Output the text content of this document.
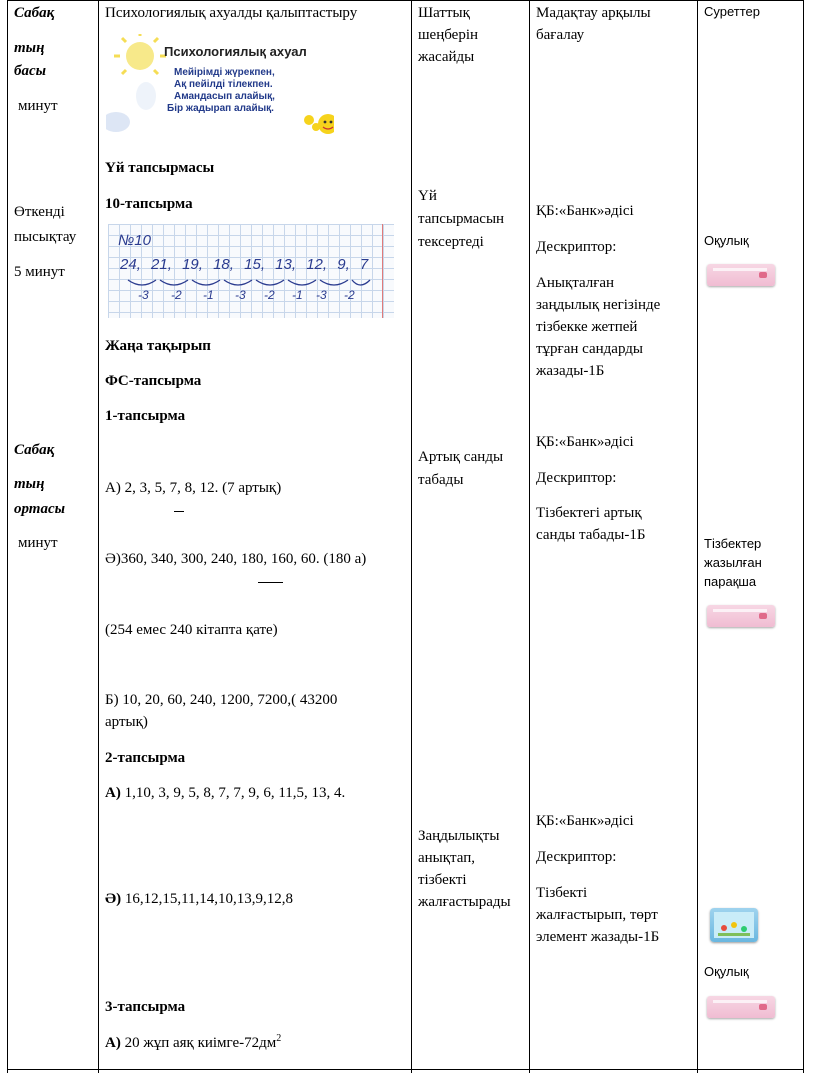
Сабақ
тың
басы
минут
Өткенді
пысықтау
5 минут
Сабақ
тың
ортасы
минут
Психологиялық ахуалды қалыптастыру
Психологиялық ахуал
Мейірімді жүрекпен,
Ақ пейілді тілекпен.
Амандасып алайық,
Бір жадырап алайық.
Үй тапсырмасы
10-тапсырма
№10
24, 21, 19, 18, 15, 13, 12, 9, 7
-3 -2 -1 -3 -2 -1 -3 -2
Жаңа тақырып
ФС-тапсырма
1-тапсырма
А) 2, 3, 5, 7, 8, 12. (7 артық)
Ә)360, 340, 300, 240, 180, 160, 60. (180 а)
(254 емес 240 кітапта қате)
Б) 10, 20, 60, 240, 1200, 7200,( 43200
артық)
2-тапсырма
А) 1,10, 3, 9, 5, 8, 7, 7, 9, 6, 11,5, 13, 4.
Ә) 16,12,15,11,14,10,13,9,12,8
3-тапсырма
А) 20 жұп аяқ киімге-$72дм^2$
Шаттық
шеңберін
жасайды
Үй
тапсырмасын
тексертеді
Артық санды
табады
Заңдылықты
анықтап,
тізбекті
жалғастырады
Мадақтау арқылы
бағалау
ҚБ:«Банк»әдісі
Дескриптор:
Анықталған
заңдылық негізінде
тізбекке жетпей
тұрған сандарды
жазады-1Б
ҚБ:«Банк»әдісі
Дескриптор:
Тізбектегі артық
санды табады-1Б
ҚБ:«Банк»әдісі
Дескриптор:
Тізбекті
жалғастырып, төрт
элемент жазады-1Б
Суреттер
Оқулық
Тізбектер
жазылған
парақша
Оқулық
